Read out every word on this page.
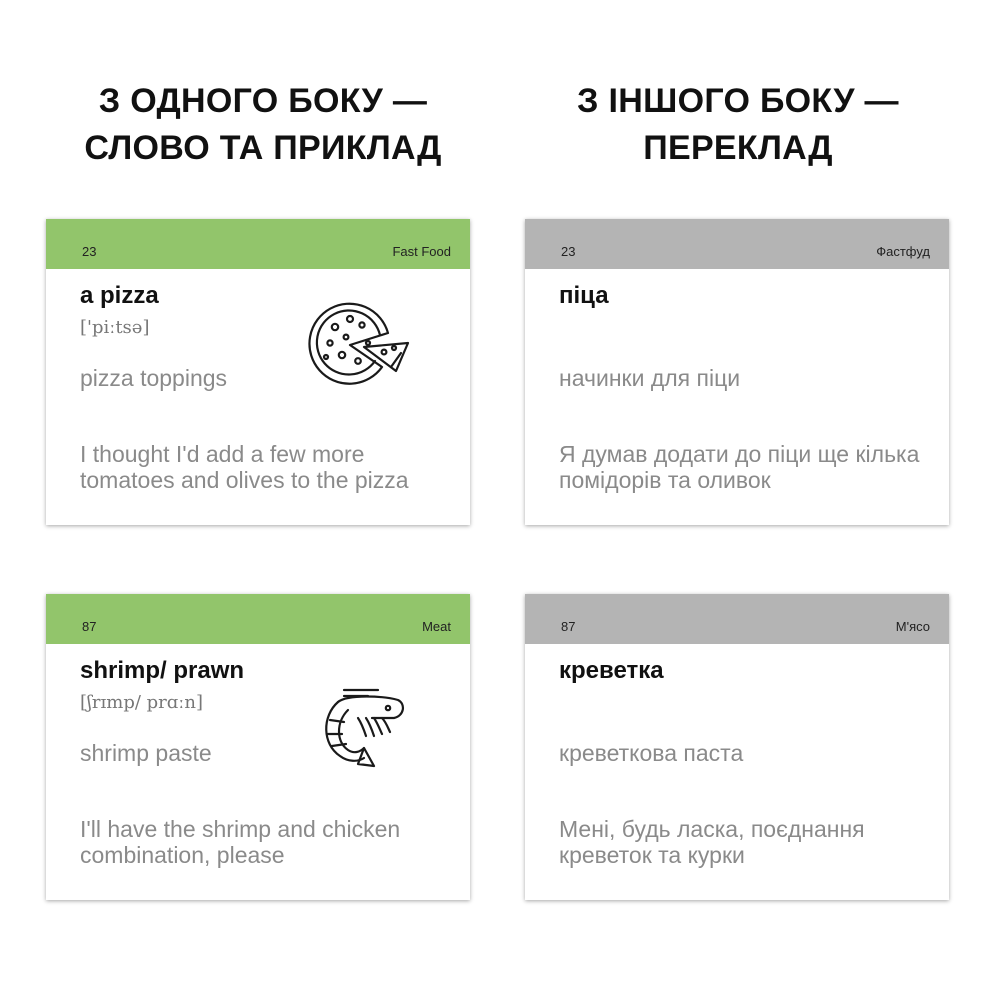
З ОДНОГО БОКУ —
СЛОВО ТА ПРИКЛАД
З ІНШОГО БОКУ —
ПЕРЕКЛАД
23	Fast Food
a pizza
['piːtsə]
pizza toppings
I thought I'd add a few more tomatoes and olives to the pizza
23	Фастфуд
піца
начинки для піци
Я думав додати до піци ще кілька помідорів та оливок
87	Meat
shrimp/ prawn
[ʃrɪmp/ prɑːn]
shrimp paste
I'll have the shrimp and chicken combination, please
87	М'ясо
креветка
креветкова паста
Мені, будь ласка, поєднання креветок та курки
